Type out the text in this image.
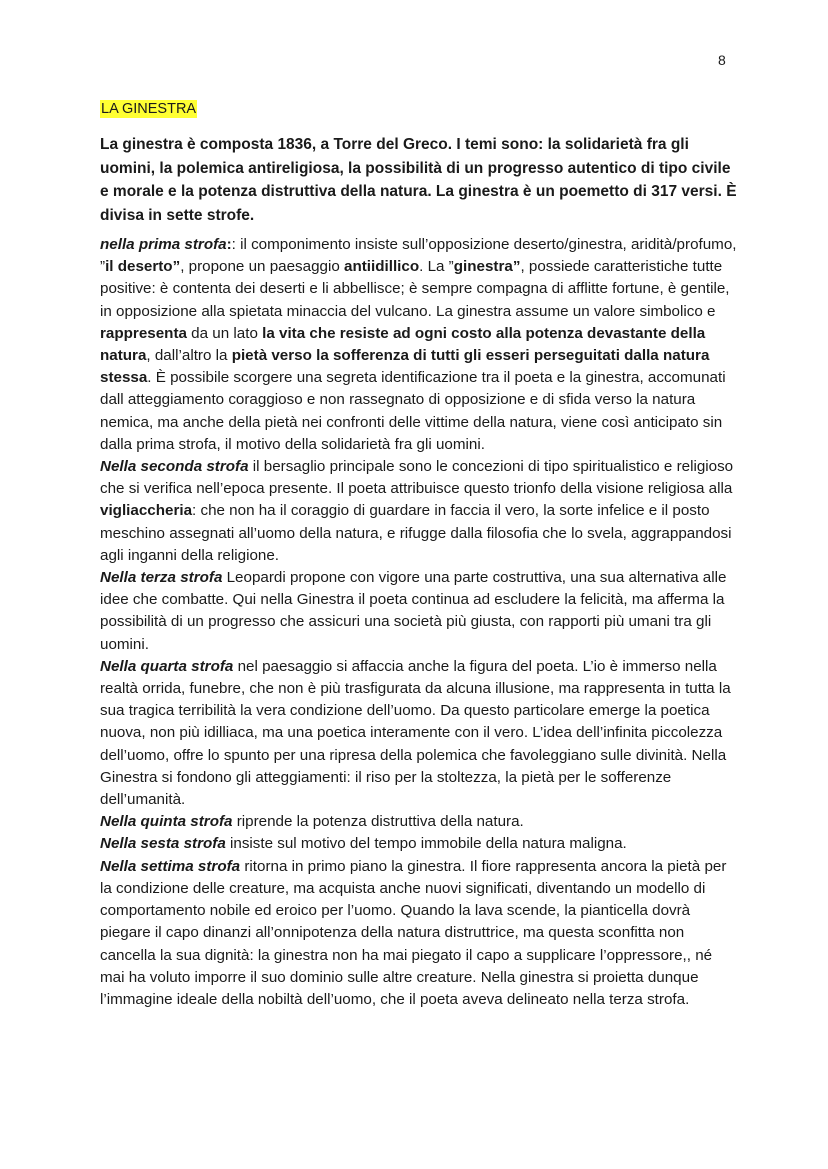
8
LA GINESTRA

La ginestra è composta 1836, a Torre del Greco. I temi sono: la solidarietà fra gli uomini, la polemica antireligiosa, la possibilità di un progresso autentico di tipo civile e morale e la potenza distruttiva della natura. La ginestra è un poemetto di 317 versi. È divisa in sette strofe.

nella prima strofa:: il componimento insiste sull’opposizione deserto/ginestra, aridità/profumo, ”il deserto”, propone un paesaggio antiidillico. La ”ginestra”, possiede caratteristiche tutte positive: è contenta dei deserti e li abbellisce; è sempre compagna di afflitte fortune, è gentile, in opposizione alla spietata minaccia del vulcano. La ginestra assume un valore simbolico e rappresenta da un lato la vita che resiste ad ogni costo alla potenza devastante della natura, dall’altro la pietà verso la sofferenza di tutti gli esseri perseguitati dalla natura stessa. È possibile scorgere una segreta identificazione tra il poeta e la ginestra, accomunati dall atteggiamento coraggioso e non rassegnato di opposizione e di sfida verso la natura nemica, ma anche della pietà nei confronti delle vittime della natura, viene così anticipato sin dalla prima strofa, il motivo della solidarietà fra gli uomini.

Nella seconda strofa il bersaglio principale sono le concezioni di tipo spiritualistico e religioso che si verifica nell’epoca presente. Il poeta attribuisce questo trionfo della visione religiosa alla vigliaccheria: che non ha il coraggio di guardare in faccia il vero, la sorte infelice e il posto meschino assegnati all’uomo della natura, e rifugge dalla filosofia che lo svela, aggrappandosi agli inganni della religione.

Nella terza strofa Leopardi propone con vigore una parte costruttiva, una sua alternativa alle idee che combatte. Qui nella Ginestra il poeta continua ad escludere la felicità, ma afferma la possibilità di un progresso che assicuri una società più giusta, con rapporti più umani tra gli uomini.

Nella quarta strofa nel paesaggio si affaccia anche la figura del poeta. L’io è immerso nella realtà orrida, funebre, che non è più trasfigurata da alcuna illusione, ma rappresenta in tutta la sua tragica terribilità la vera condizione dell’uomo. Da questo particolare emerge la poetica nuova, non più idilliaca, ma una poetica interamente con il vero. L’idea dell’infinita piccolezza dell’uomo, offre lo spunto per una ripresa della polemica che favoleggiano sulle divinità. Nella Ginestra si fondono gli atteggiamenti: il riso per la stoltezza, la pietà per le sofferenze dell’umanità.

Nella quinta strofa riprende la potenza distruttiva della natura.

Nella sesta strofa insiste sul motivo del tempo immobile della natura maligna.

Nella settima strofa ritorna in primo piano la ginestra. Il fiore rappresenta ancora la pietà per la condizione delle creature, ma acquista anche nuovi significati, diventando un modello di comportamento nobile ed eroico per l’uomo. Quando la lava scende, la pianticella dovrà piegare il capo dinanzi all’onnipotenza della natura distruttrice, ma questa sconfitta non cancella la sua dignità: la ginestra non ha mai piegato il capo a supplicare l’oppressore,, né mai ha voluto imporre il suo dominio sulle altre creature. Nella ginestra si proietta dunque l’immagine ideale della nobiltà dell’uomo, che il poeta aveva delineato nella terza strofa.
